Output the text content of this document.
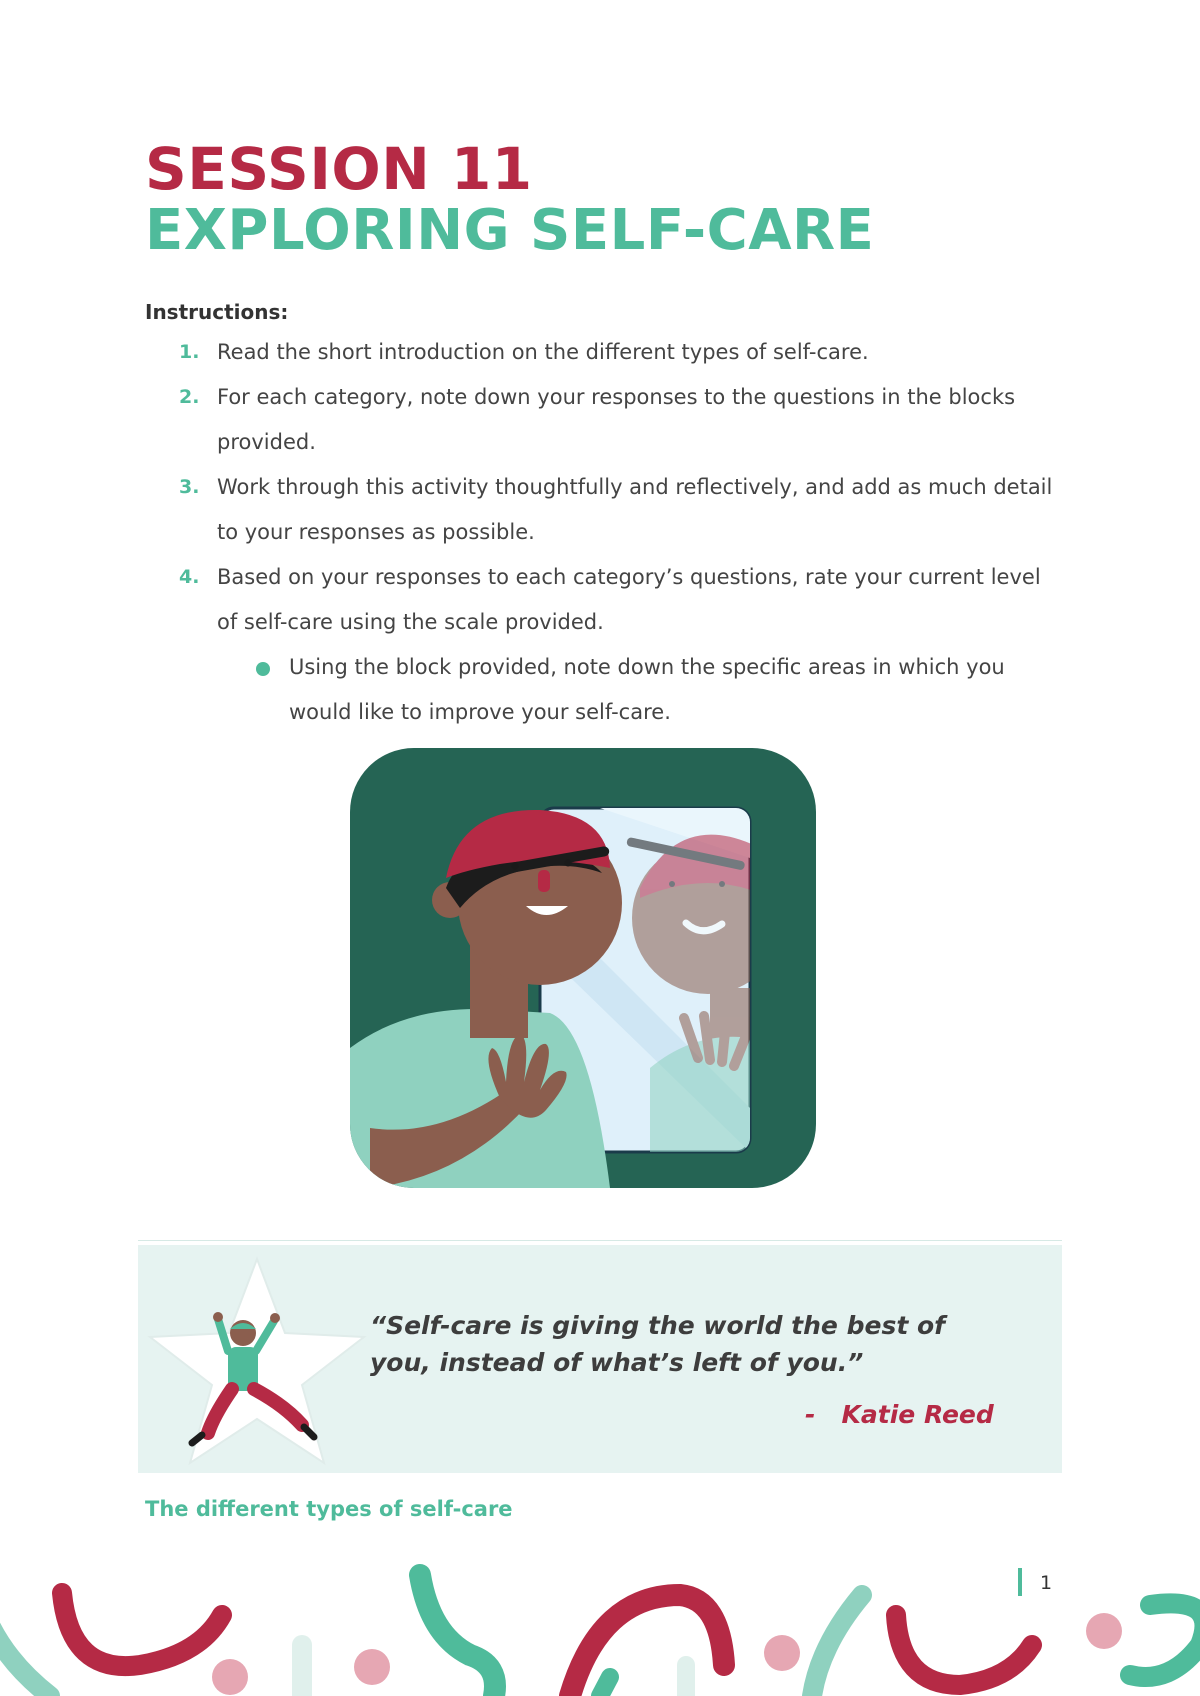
SESSION 11
EXPLORING SELF-CARE
Instructions:
1. Read the short introduction on the different types of self-care.
2. For each category, note down your responses to the questions in the blocks provided.
3. Work through this activity thoughtfully and reflectively, and add as much detail to your responses as possible.
4. Based on your responses to each category’s questions, rate your current level of self-care using the scale provided.
Using the block provided, note down the specific areas in which you would like to improve your self-care.
“Self-care is giving the world the best of you, instead of what’s left of you.”
- Katie Reed
The different types of self-care
1
